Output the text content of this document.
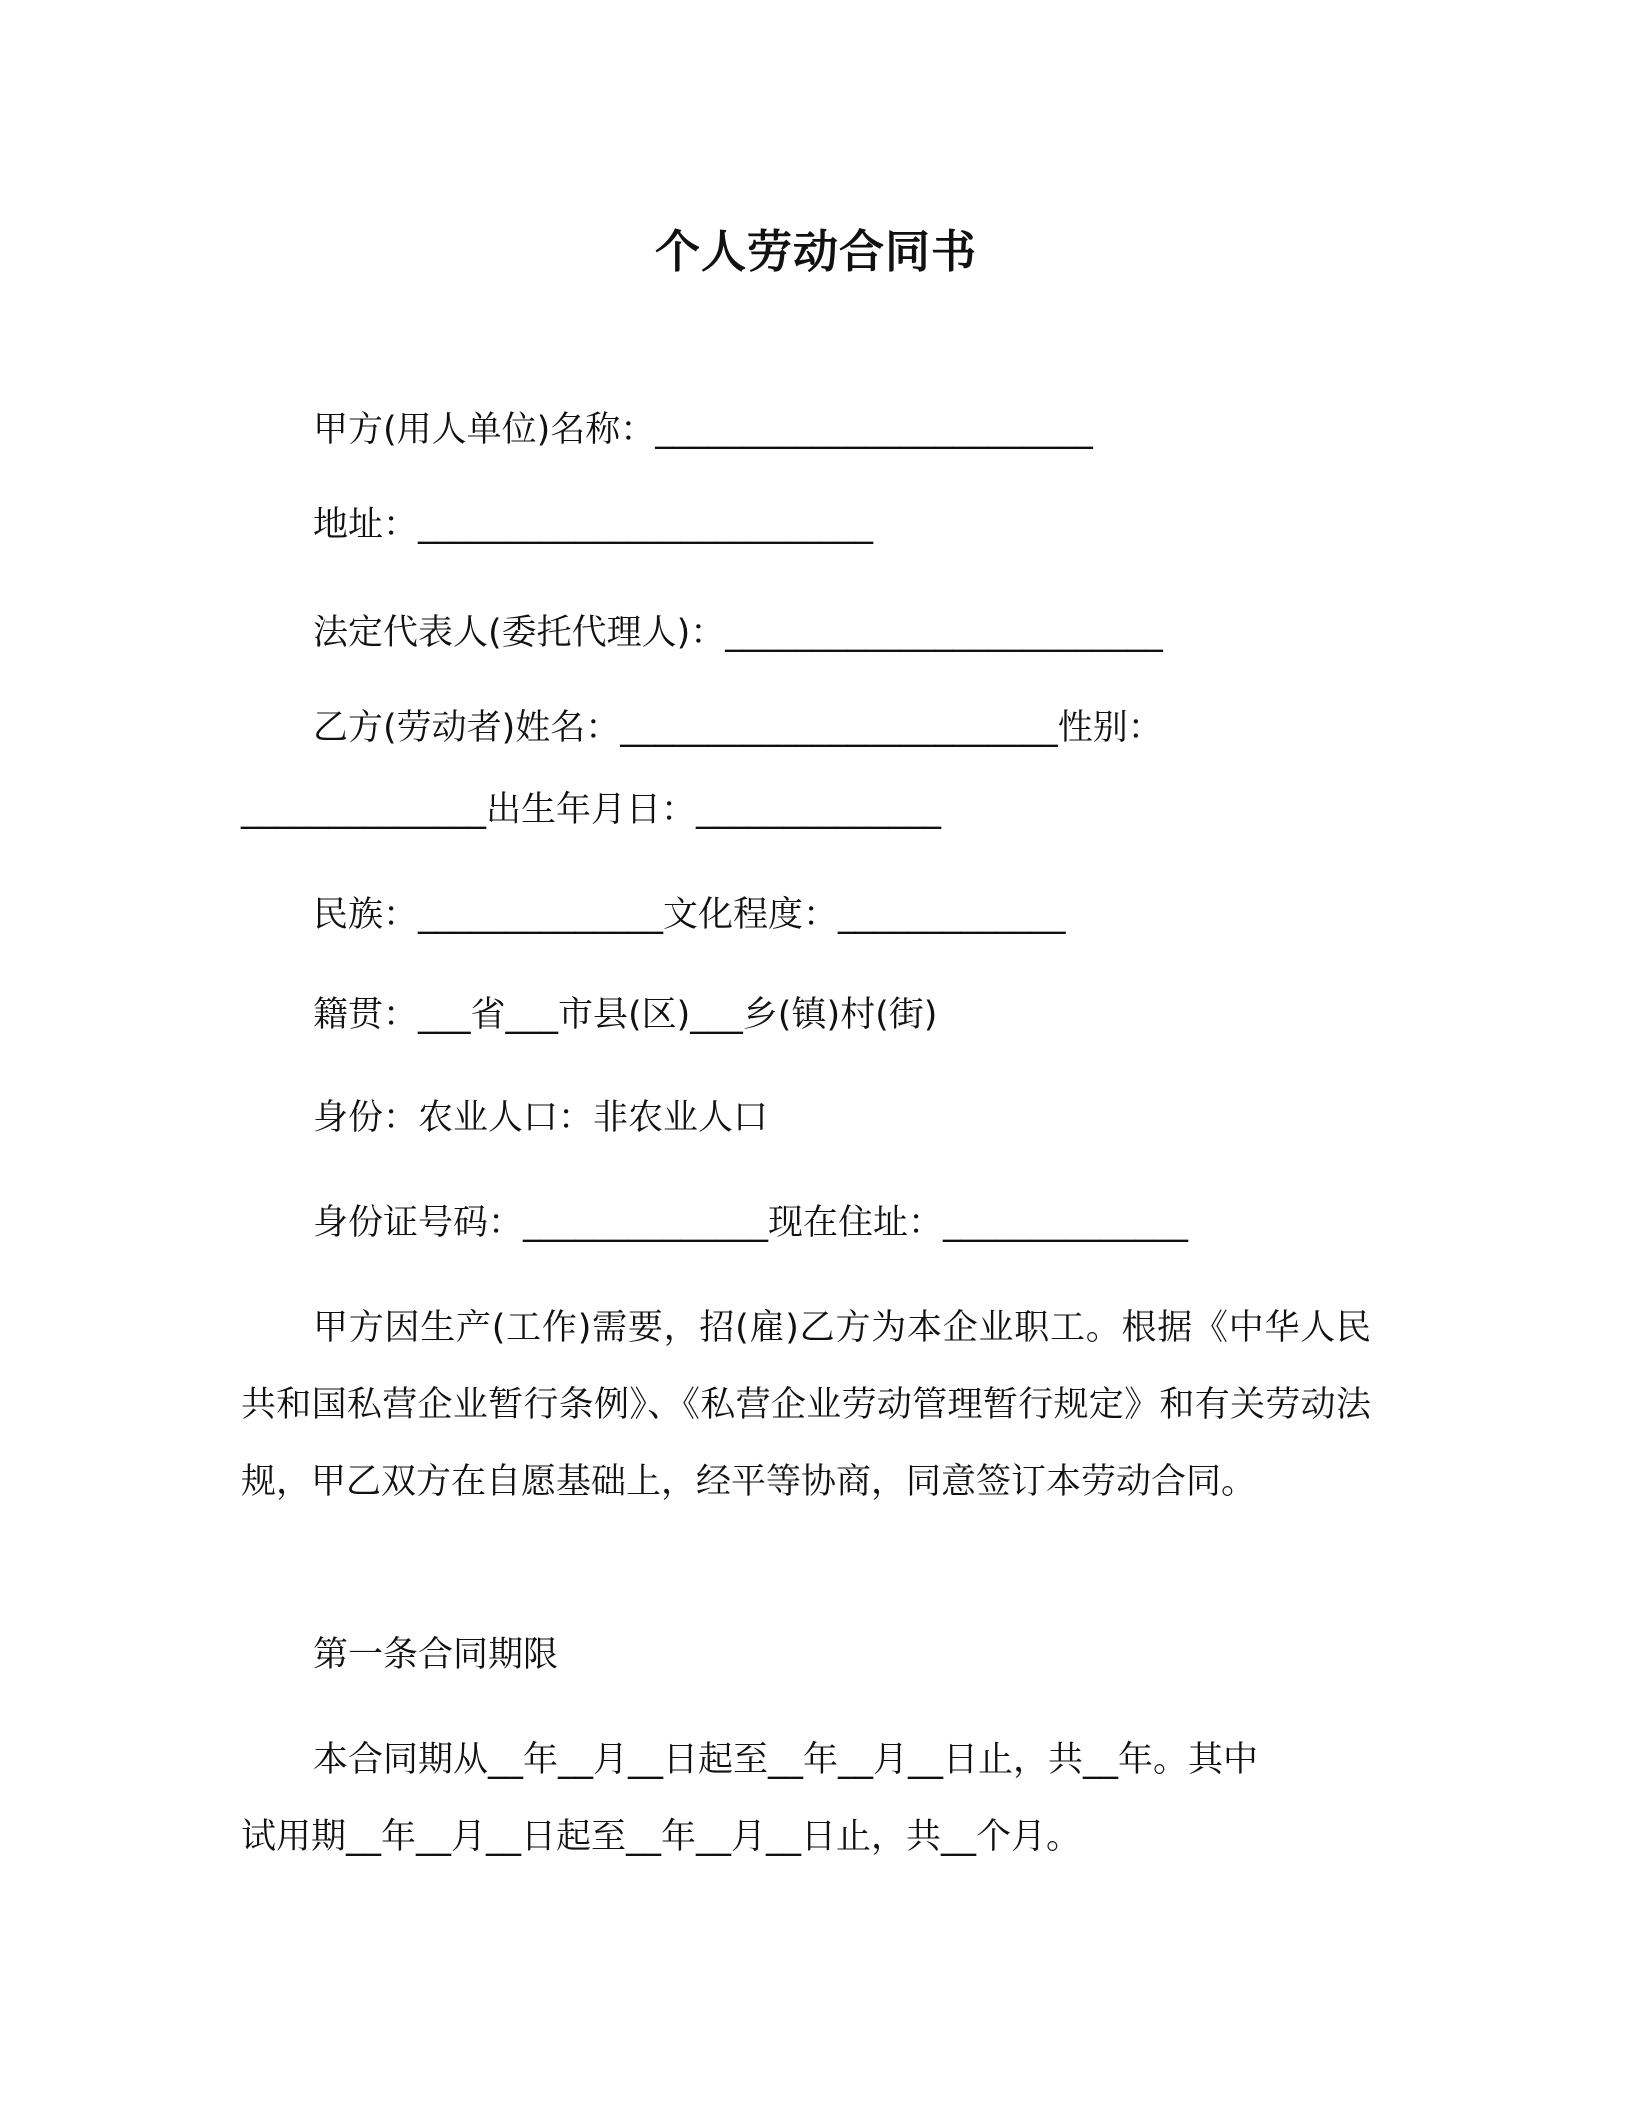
个人劳动合同书
甲方(用人单位)名称：_________________________
地址：__________________________
法定代表人(委托代理人)：_________________________
乙方(劳动者)姓名：_________________________性别：
______________出生年月日：______________
民族：______________文化程度：_____________
籍贯：___省___市县(区)___乡(镇)村(街)
身份：农业人口：非农业人口
身份证号码：______________现在住址：______________
甲方因生产(工作)需要，招(雇)乙方为本企业职工。根据《中华人民共和国私营企业暂行条例》、《私营企业劳动管理暂行规定》和有关劳动法规，甲乙双方在自愿基础上，经平等协商，同意签订本劳动合同。
第一条合同期限
本合同期从__年__月__日起至__年__月__日止，共__年。其中
试用期__年__月__日起至__年__月__日止，共__个月。
